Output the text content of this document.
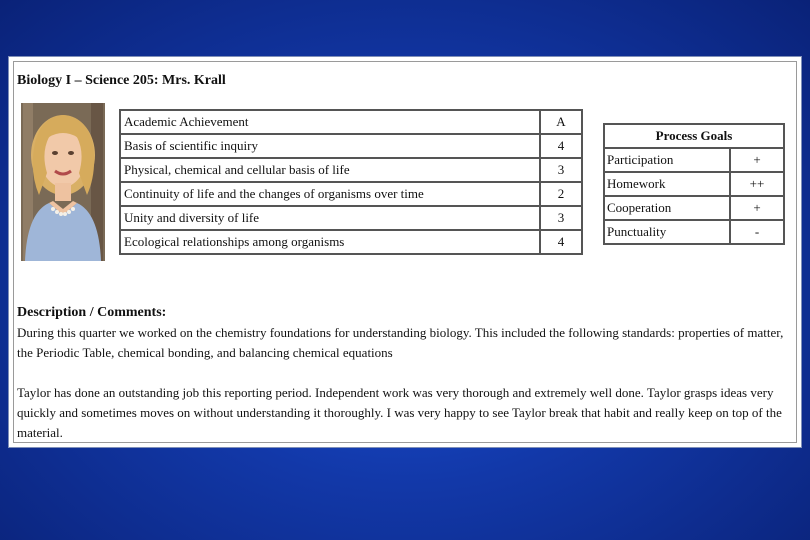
Biology I – Science 205: Mrs. Krall
Academic Achievement	A
Basis of scientific inquiry	4
Physical, chemical and cellular basis of life	3
Continuity of life and the changes of organisms over time	2
Unity and diversity of life	3
Ecological relationships among organisms	4
Process Goals	
Participation	+
Homework	++
Cooperation	+
Punctuality	-
Description / Comments:
During this quarter we worked on the chemistry foundations for understanding biology. This included the following standards: properties of matter, the Periodic Table, chemical bonding, and balancing chemical equations
Taylor has done an outstanding job this reporting period. Independent work was very thorough and extremely well done. Taylor grasps ideas very quickly and sometimes moves on without understanding it thoroughly. I was very happy to see Taylor break that habit and really keep on top of the material.
